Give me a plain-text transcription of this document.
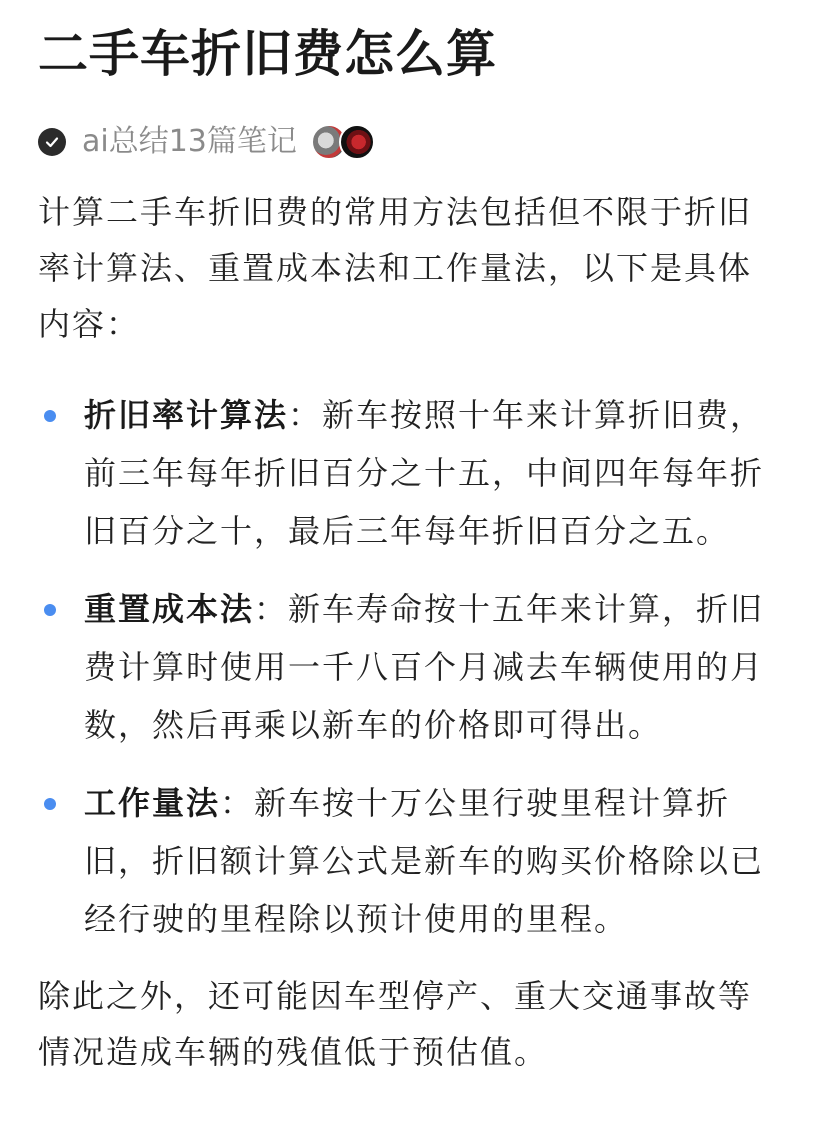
二手车折旧费怎么算
ai总结13篇笔记

计算二手车折旧费的常用方法包括但不限于折旧率计算法、重置成本法和工作量法，以下是具体内容：

折旧率计算法：新车按照十年来计算折旧费，前三年每年折旧百分之十五，中间四年每年折旧百分之十，最后三年每年折旧百分之五。
重置成本法：新车寿命按十五年来计算，折旧费计算时使用一千八百个月减去车辆使用的月数，然后再乘以新车的价格即可得出。
工作量法：新车按十万公里行驶里程计算折旧，折旧额计算公式是新车的购买价格除以已经行驶的里程除以预计使用的里程。

除此之外，还可能因车型停产、重大交通事故等情况造成车辆的残值低于预估值。
